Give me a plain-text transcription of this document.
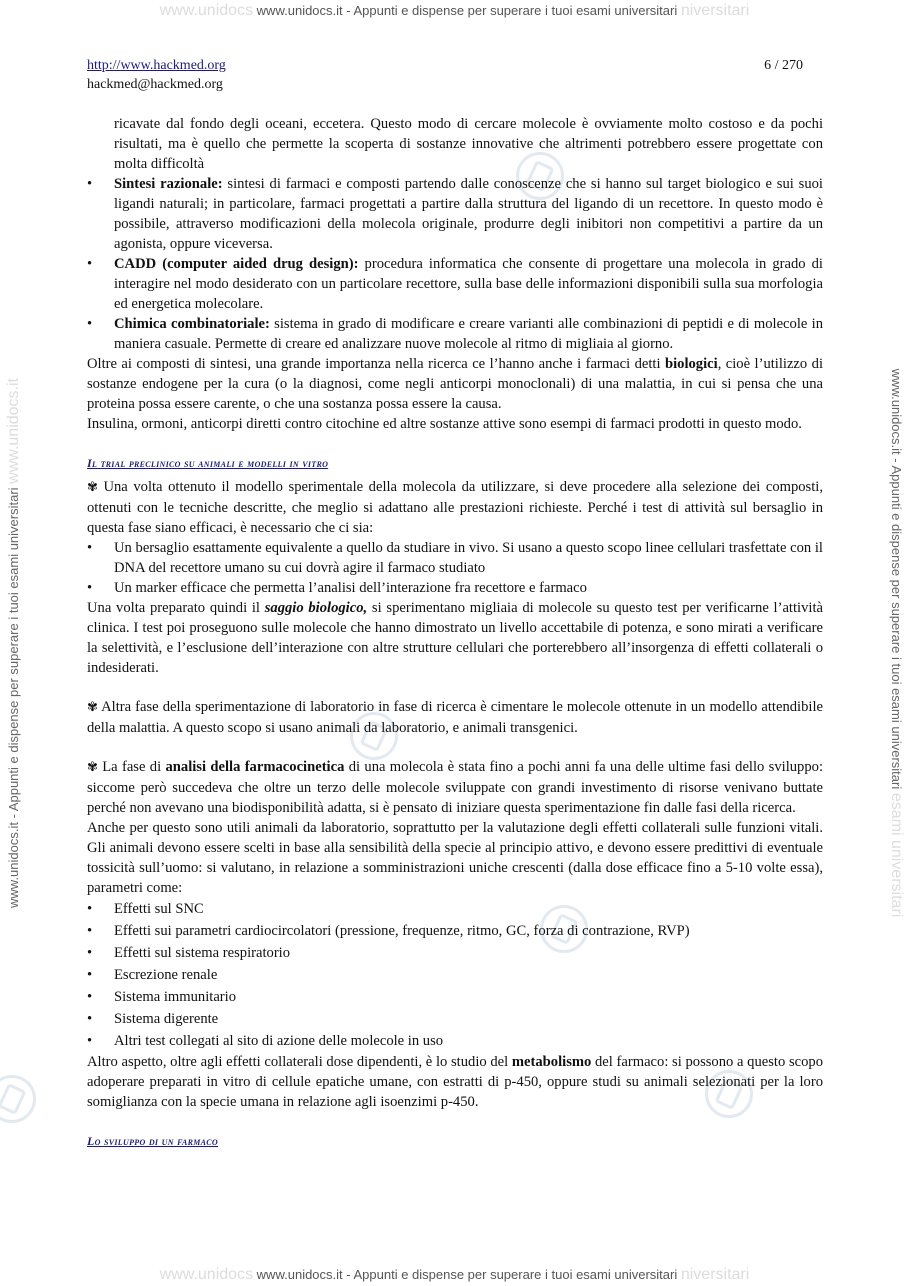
www.unidocs www.unidocs.it - Appunti e dispense per superare i tuoi esami universitari niversitari
www.unidocs www.unidocs.it - Appunti e dispense per superare i tuoi esami universitari niversitari
www.unidocs.it - Appunti e dispense per superare i tuoi esami universitari www.unidocs.it	www.unidocs.it - Appunti e dispense per superare i tuoi esami universitari esami universitari
http://www.hackmed.org
hackmed@hackmed.org
6 / 270
ricavate dal fondo degli oceani, eccetera. Questo modo di cercare molecole è ovviamente molto costoso e da pochi risultati, ma è quello che permette la scoperta di sostanze innovative che altrimenti potrebbero essere progettate con molta difficoltà
• Sintesi razionale: sintesi di farmaci e composti partendo dalle conoscenze che si hanno sul target biologico e sui suoi ligandi naturali; in particolare, farmaci progettati a partire dalla struttura del ligando di un recettore. In questo modo è possibile, attraverso modificazioni della molecola originale, produrre degli inibitori non competitivi a partire da un agonista, oppure viceversa.
• CADD (computer aided drug design): procedura informatica che consente di progettare una molecola in grado di interagire nel modo desiderato con un particolare recettore, sulla base delle informazioni disponibili sulla sua morfologia ed energetica molecolare.
• Chimica combinatoriale: sistema in grado di modificare e creare varianti alle combinazioni di peptidi e di molecole in maniera casuale. Permette di creare ed analizzare nuove molecole al ritmo di migliaia al giorno.

Oltre ai composti di sintesi, una grande importanza nella ricerca ce l’hanno anche i farmaci detti biologici, cioè l’utilizzo di sostanze endogene per la cura (o la diagnosi, come negli anticorpi monoclonali) di una malattia, in cui si pensa che una proteina possa essere carente, o che una sostanza possa essere la causa.

Insulina, ormoni, anticorpi diretti contro citochine ed altre sostanze attive sono esempi di farmaci prodotti in questo modo.

Il trial preclinico su animali e modelli in vitro

✾ Una volta ottenuto il modello sperimentale della molecola da utilizzare, si deve procedere alla selezione dei composti, ottenuti con le tecniche descritte, che meglio si adattano alle prestazioni richieste. Perché i test di attività sul bersaglio in questa fase siano efficaci, è necessario che ci sia:

• Un bersaglio esattamente equivalente a quello da studiare in vivo. Si usano a questo scopo linee cellulari trasfettate con il DNA del recettore umano su cui dovrà agire il farmaco studiato
• Un marker efficace che permetta l’analisi dell’interazione fra recettore e farmaco

Una volta preparato quindi il saggio biologico, si sperimentano migliaia di molecole su questo test per verificarne l’attività clinica. I test poi proseguono sulle molecole che hanno dimostrato un livello accettabile di potenza, e sono mirati a verificare la selettività, e l’esclusione dell’interazione con altre strutture cellulari che porterebbero all’insorgenza di effetti collaterali o indesiderati.

✾ Altra fase della sperimentazione di laboratorio in fase di ricerca è cimentare le molecole ottenute in un modello attendibile della malattia. A questo scopo si usano animali da laboratorio, e animali transgenici.

✾ La fase di analisi della farmacocinetica di una molecola è stata fino a pochi anni fa una delle ultime fasi dello sviluppo: siccome però succedeva che oltre un terzo delle molecole sviluppate con grandi investimento di risorse venivano buttate perché non avevano una biodisponibilità adatta, si è pensato di iniziare questa sperimentazione fin dalle fasi della ricerca.

Anche per questo sono utili animali da laboratorio, soprattutto per la valutazione degli effetti collaterali sulle funzioni vitali. Gli animali devono essere scelti in base alla sensibilità della specie al principio attivo, e devono essere predittivi di eventuale tossicità sull’uomo: si valutano, in relazione a somministrazioni uniche crescenti (dalla dose efficace fino a 5-10 volte essa), parametri come:

• Effetti sul SNC
• Effetti sui parametri cardiocircolatori (pressione, frequenze, ritmo, GC, forza di contrazione, RVP)
• Effetti sul sistema respiratorio
• Escrezione renale
• Sistema immunitario
• Sistema digerente
• Altri test collegati al sito di azione delle molecole in uso

Altro aspetto, oltre agli effetti collaterali dose dipendenti, è lo studio del metabolismo del farmaco: si possono a questo scopo adoperare preparati in vitro di cellule epatiche umane, con estratti di p-450, oppure studi su animali selezionati per la loro somiglianza con la specie umana in relazione agli isoenzimi p-450.

Lo sviluppo di un farmaco
